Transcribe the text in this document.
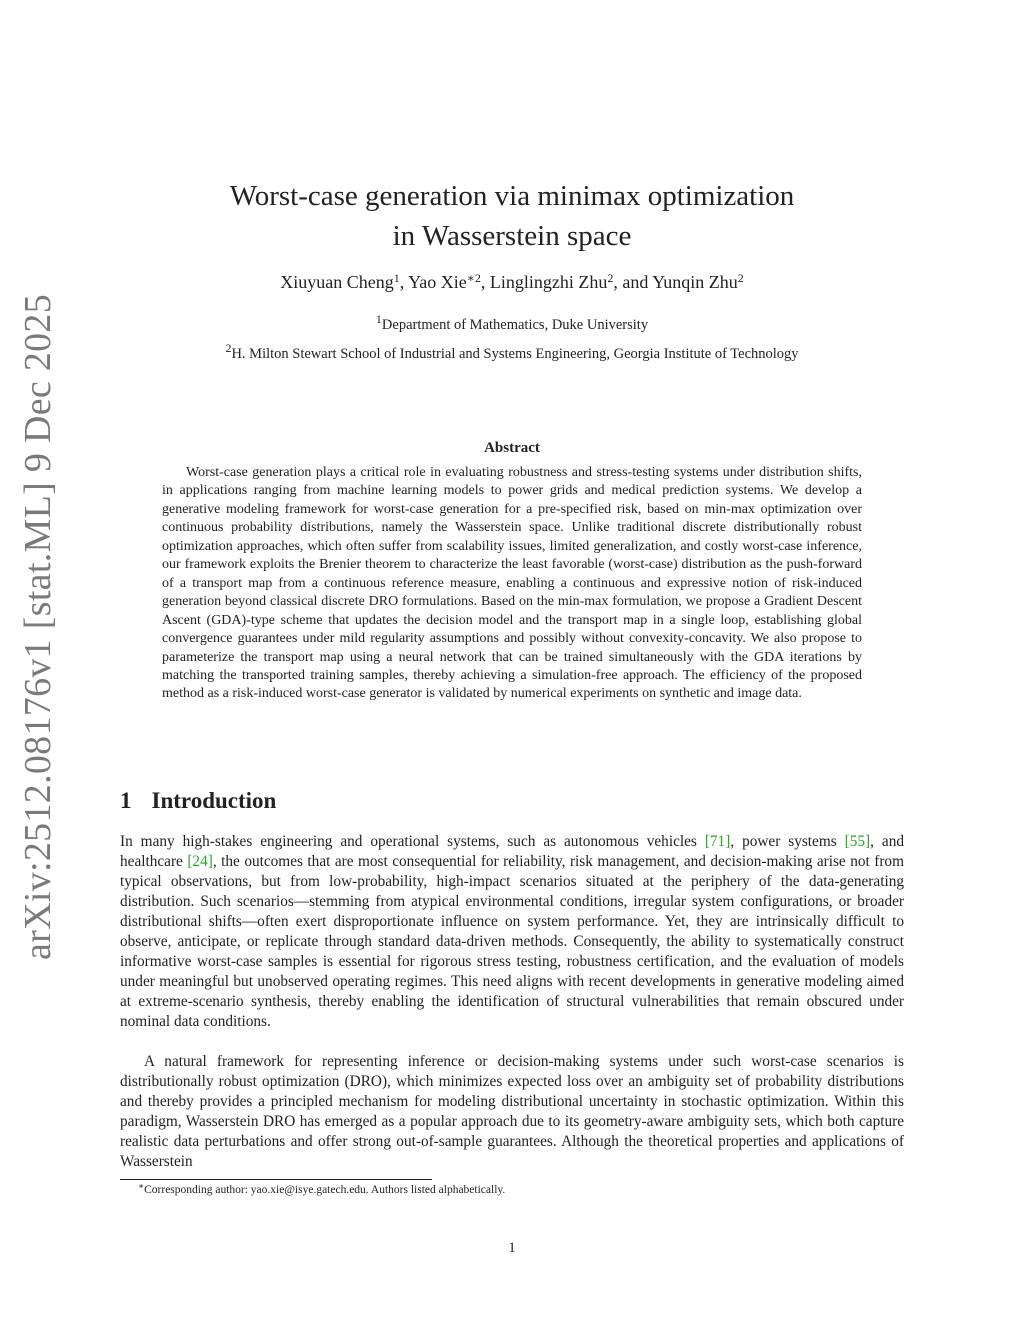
arXiv:2512.08176v1 [stat.ML] 9 Dec 2025
Worst-case generation via minimax optimization
in Wasserstein space
Xiuyuan Cheng$^1$, Yao Xie$^{∗2}$, Linglingzhi Zhu$^2$, and Yunqin Zhu$^2$
$^1$Department of Mathematics, Duke University
$^2$H. Milton Stewart School of Industrial and Systems Engineering, Georgia Institute of Technology
Abstract
Worst-case generation plays a critical role in evaluating robustness and stress-testing systems under distribution shifts, in applications ranging from machine learning models to power grids and medical prediction systems. We develop a generative modeling framework for worst-case generation for a pre-specified risk, based on min-max optimization over continuous probability distributions, namely the Wasserstein space. Unlike traditional discrete distributionally robust optimization approaches, which often suffer from scalability issues, limited generalization, and costly worst-case inference, our framework exploits the Brenier theorem to characterize the least favorable (worst-case) distribution as the push-forward of a transport map from a continuous reference measure, enabling a continuous and expressive notion of risk-induced generation beyond classical discrete DRO formulations. Based on the min-max formulation, we propose a Gradient Descent Ascent (GDA)-type scheme that updates the decision model and the transport map in a single loop, establishing global convergence guarantees under mild regularity assumptions and possibly without convexity-concavity. We also propose to parameterize the transport map using a neural network that can be trained simultaneously with the GDA iterations by matching the transported training samples, thereby achieving a simulation-free approach. The efficiency of the proposed method as a risk-induced worst-case generator is validated by numerical experiments on synthetic and image data.
1 Introduction
In many high-stakes engineering and operational systems, such as autonomous vehicles [71], power systems [55], and healthcare [24], the outcomes that are most consequential for reliability, risk management, and decision-making arise not from typical observations, but from low-probability, high-impact scenarios situated at the periphery of the data-generating distribution. Such scenarios—stemming from atypical environmental conditions, irregular system configurations, or broader distributional shifts—often exert disproportionate influence on system performance. Yet, they are intrinsically difficult to observe, anticipate, or replicate through standard data-driven methods. Consequently, the ability to systematically construct informative worst-case samples is essential for rigorous stress testing, robustness certification, and the evaluation of models under meaningful but unobserved operating regimes. This need aligns with recent developments in generative modeling aimed at extreme-scenario synthesis, thereby enabling the identification of structural vulnerabilities that remain obscured under nominal data conditions.
A natural framework for representing inference or decision-making systems under such worst-case scenarios is distributionally robust optimization (DRO), which minimizes expected loss over an ambiguity set of probability distributions and thereby provides a principled mechanism for modeling distributional uncertainty in stochastic optimization. Within this paradigm, Wasserstein DRO has emerged as a popular approach due to its geometry-aware ambiguity sets, which both capture realistic data perturbations and offer strong out-of-sample guarantees. Although the theoretical properties and applications of Wasserstein
∗Corresponding author: yao.xie@isye.gatech.edu. Authors listed alphabetically.
1
